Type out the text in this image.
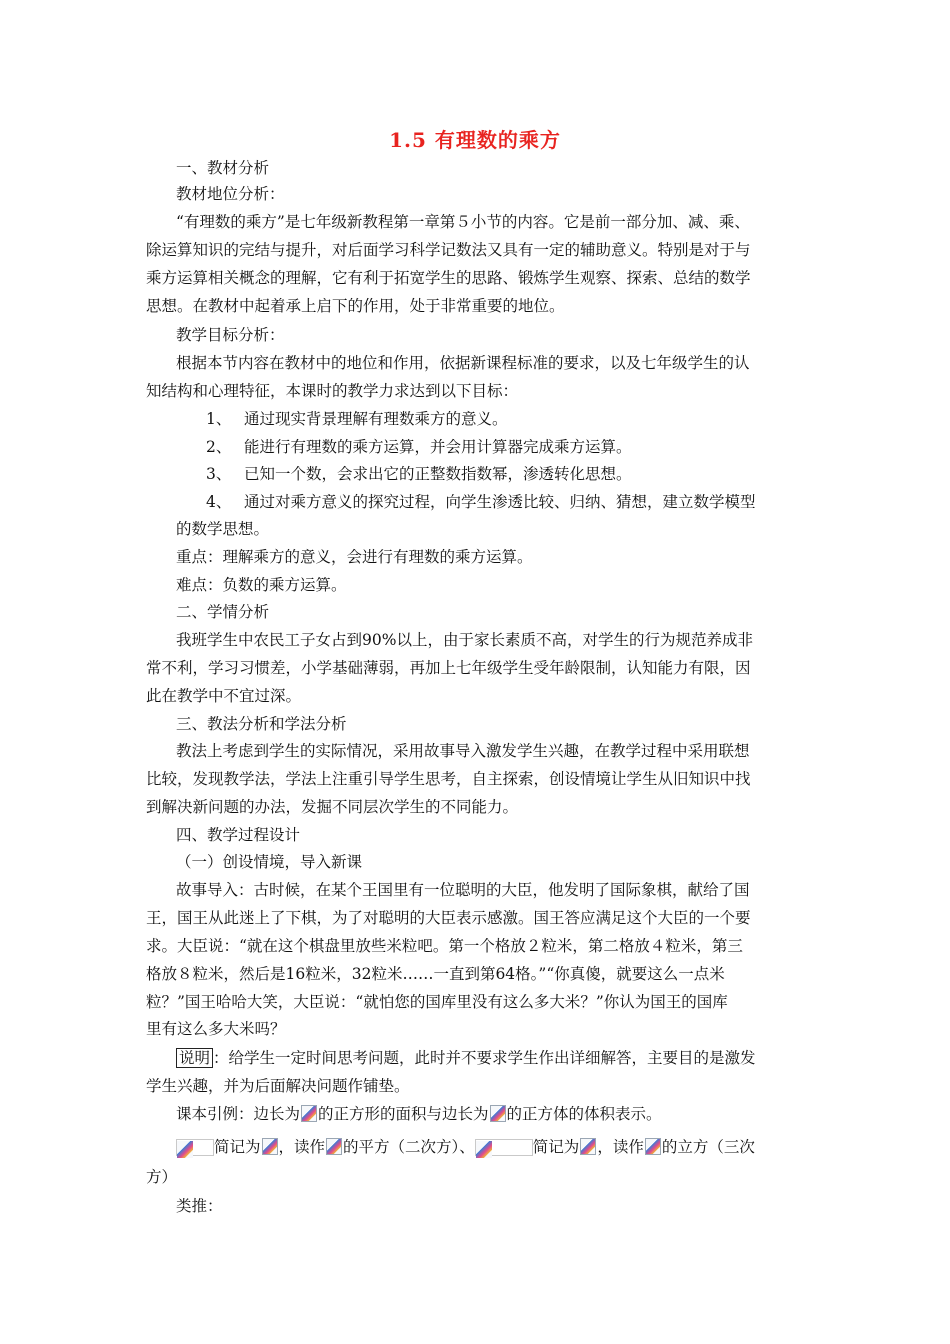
1.5 有理数的乘方
一、教材分析
教材地位分析：
“有理数的乘方”是七年级新教程第一章第５小节的内容。它是前一部分加、减、乘、
除运算知识的完结与提升，对后面学习科学记数法又具有一定的辅助意义。特别是对于与
乘方运算相关概念的理解，它有利于拓宽学生的思路、锻炼学生观察、探索、总结的数学
思想。在教材中起着承上启下的作用，处于非常重要的地位。
教学目标分析：
根据本节内容在教材中的地位和作用，依据新课程标准的要求，以及七年级学生的认
知结构和心理特征，本课时的教学力求达到以下目标：
1、 通过现实背景理解有理数乘方的意义。
2、 能进行有理数的乘方运算，并会用计算器完成乘方运算。
3、 已知一个数，会求出它的正整数指数幂，渗透转化思想。
4、 通过对乘方意义的探究过程，向学生渗透比较、归纳、猜想，建立数学模型
的数学思想。
重点：理解乘方的意义，会进行有理数的乘方运算。
难点：负数的乘方运算。
二、学情分析
我班学生中农民工子女占到90%以上，由于家长素质不高，对学生的行为规范养成非
常不利，学习习惯差，小学基础薄弱，再加上七年级学生受年龄限制，认知能力有限，因
此在教学中不宜过深。
三、教法分析和学法分析
教法上考虑到学生的实际情况，采用故事导入激发学生兴趣，在教学过程中采用联想
比较，发现教学法，学法上注重引导学生思考，自主探索，创设情境让学生从旧知识中找
到解决新问题的办法，发掘不同层次学生的不同能力。
四、教学过程设计
（一）创设情境，导入新课
故事导入：古时候，在某个王国里有一位聪明的大臣，他发明了国际象棋，献给了国
王，国王从此迷上了下棋，为了对聪明的大臣表示感激。国王答应满足这个大臣的一个要
求。大臣说：“就在这个棋盘里放些米粒吧。第一个格放２粒米，第二格放４粒米，第三
格放８粒米，然后是16粒米，32粒米……一直到第64格。”“你真傻，就要这么一点米
粒？”国王哈哈大笑，大臣说：“就怕您的国库里没有这么多大米？”你认为国王的国库
里有这么多大米吗？
说明 ：给学生一定时间思考问题，此时并不要求学生作出详细解答，主要目的是激发
学生兴趣，并为后面解决问题作铺垫。
课本引例：边长为 的正方形的面积与边长为 的正方体的体积表示。
简记为 ，读作 的平方（二次方）、	简记为 ，读作 的立方（三次
方）
类推：
